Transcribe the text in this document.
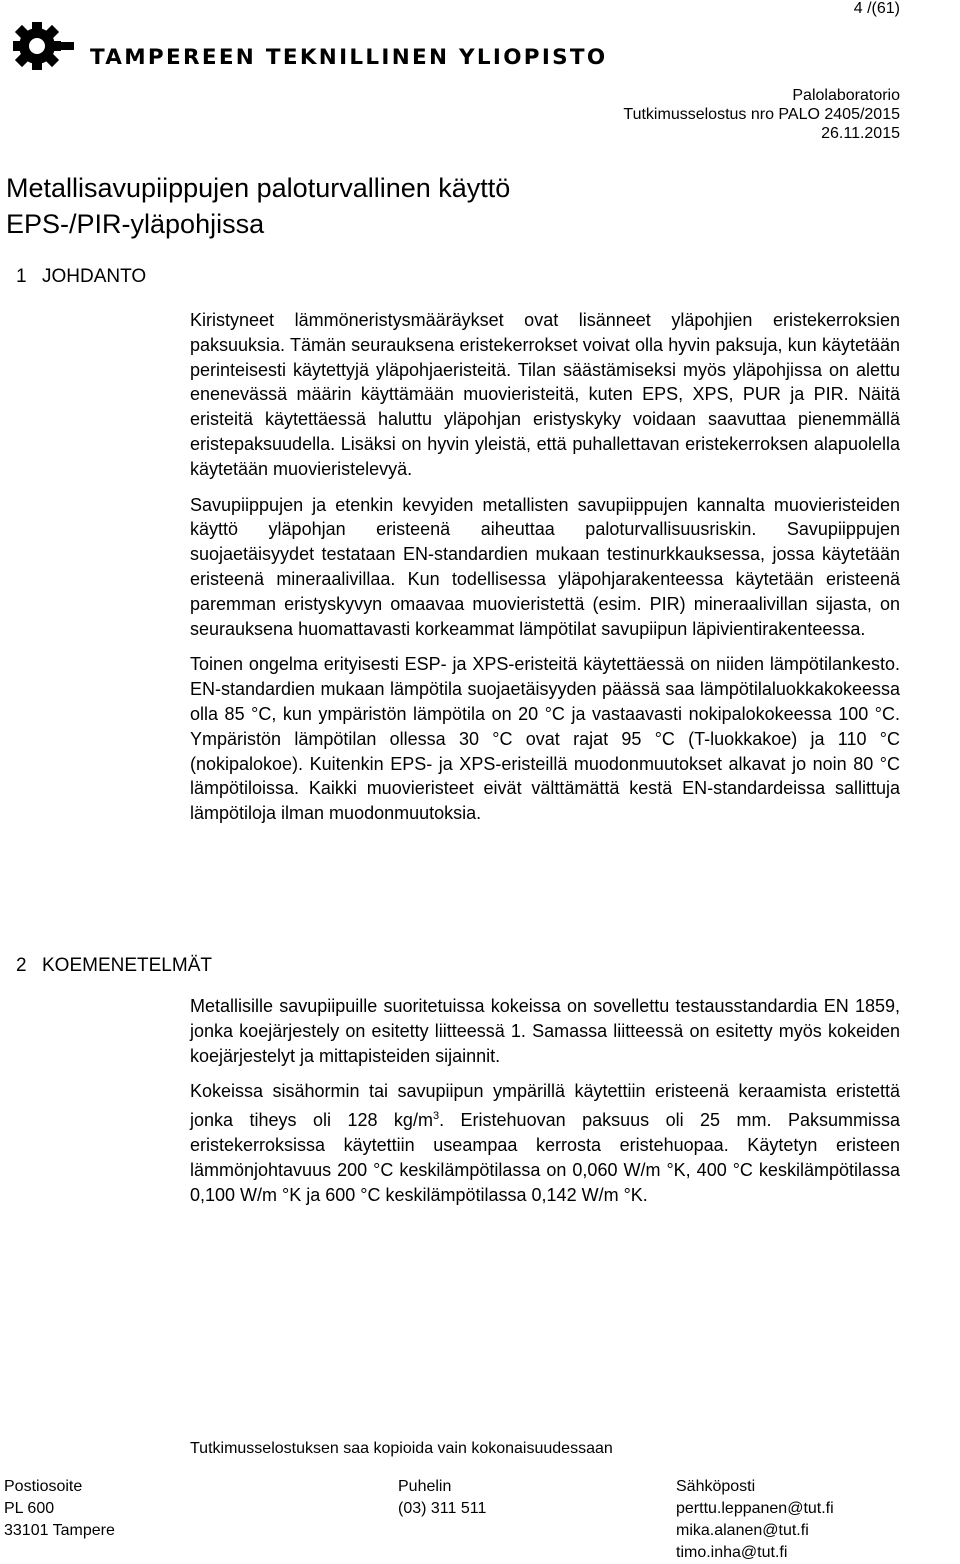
TAMPEREEN TEKNILLINEN YLIOPISTO
4 /(61)
Palolaboratorio
Tutkimusselostus nro PALO 2405/2015
26.11.2015
Metallisavupiippujen paloturvallinen käyttö EPS-/PIR-yläpohjissa
1 JOHDANTO

Kiristyneet lämmöneristysmääräykset ovat lisänneet yläpohjien eristekerroksien paksuuksia. Tämän seurauksena eristekerrokset voivat olla hyvin paksuja, kun käytetään perinteisesti käytettyjä yläpohjaeristeitä. Tilan säästämiseksi myös yläpohjissa on alettu enenevässä määrin käyttämään muovieristeitä, kuten EPS, XPS, PUR ja PIR. Näitä eristeitä käytettäessä haluttu yläpohjan eristyskyky voidaan saavuttaa pienemmällä eristepaksuudella. Lisäksi on hyvin yleistä, että puhallettavan eristekerroksen alapuolella käytetään muovieristelevyä.

Savupiippujen ja etenkin kevyiden metallisten savupiippujen kannalta muovieristeiden käyttö yläpohjan eristeenä aiheuttaa paloturvallisuusriskin. Savupiippujen suojaetäisyydet testataan EN-standardien mukaan testinurkkauksessa, jossa käytetään eristeenä mineraalivillaa. Kun todellisessa yläpohjarakenteessa käytetään eristeenä paremman eristyskyvyn omaavaa muovieristettä (esim. PIR) mineraalivillan sijasta, on seurauksena huomattavasti korkeammat lämpötilat savupiipun läpivientirakenteessa.

Toinen ongelma erityisesti ESP- ja XPS-eristeitä käytettäessä on niiden lämpötilankesto. EN-standardien mukaan lämpötila suojaetäisyyden päässä saa lämpötilaluokkakokeessa olla 85 °C, kun ympäristön lämpötila on 20 °C ja vastaavasti nokipalokokeessa 100 °C. Ympäristön lämpötilan ollessa 30 °C ovat rajat 95 °C (T-luokkakoe) ja 110 °C (nokipalokoe). Kuitenkin EPS- ja XPS-eristeillä muodonmuutokset alkavat jo noin 80 °C lämpötiloissa. Kaikki muovieristeet eivät välttämättä kestä EN-standardeissa sallittuja lämpötiloja ilman muodonmuutoksia.

2 KOEMENETELMÄT

Metallisille savupiipuille suoritetuissa kokeissa on sovellettu testausstandardia EN 1859, jonka koejärjestely on esitetty liitteessä 1. Samassa liitteessä on esitetty myös kokeiden koejärjestelyt ja mittapisteiden sijainnit.

Kokeissa sisähormin tai savupiipun ympärillä käytettiin eristeenä keraamista eristettä jonka tiheys oli 128 $kg/m^3$. Eristehuovan paksuus oli 25 mm. Paksummissa eristekerroksissa käytettiin useampaa kerrosta eristehuopaa. Käytetyn eristeen lämmönjohtavuus 200 °C keskilämpötilassa on 0,060 W/m °K, 400 °C keskilämpötilassa 0,100 W/m °K ja 600 °C keskilämpötilassa 0,142 W/m °K.

Tutkimusselostuksen saa kopioida vain kokonaisuudessaan
Postiosoite
PL 600
33101 Tampere
Puhelin
(03) 311 511
Sähköposti
perttu.leppanen@tut.fi
mika.alanen@tut.fi
timo.inha@tut.fi
